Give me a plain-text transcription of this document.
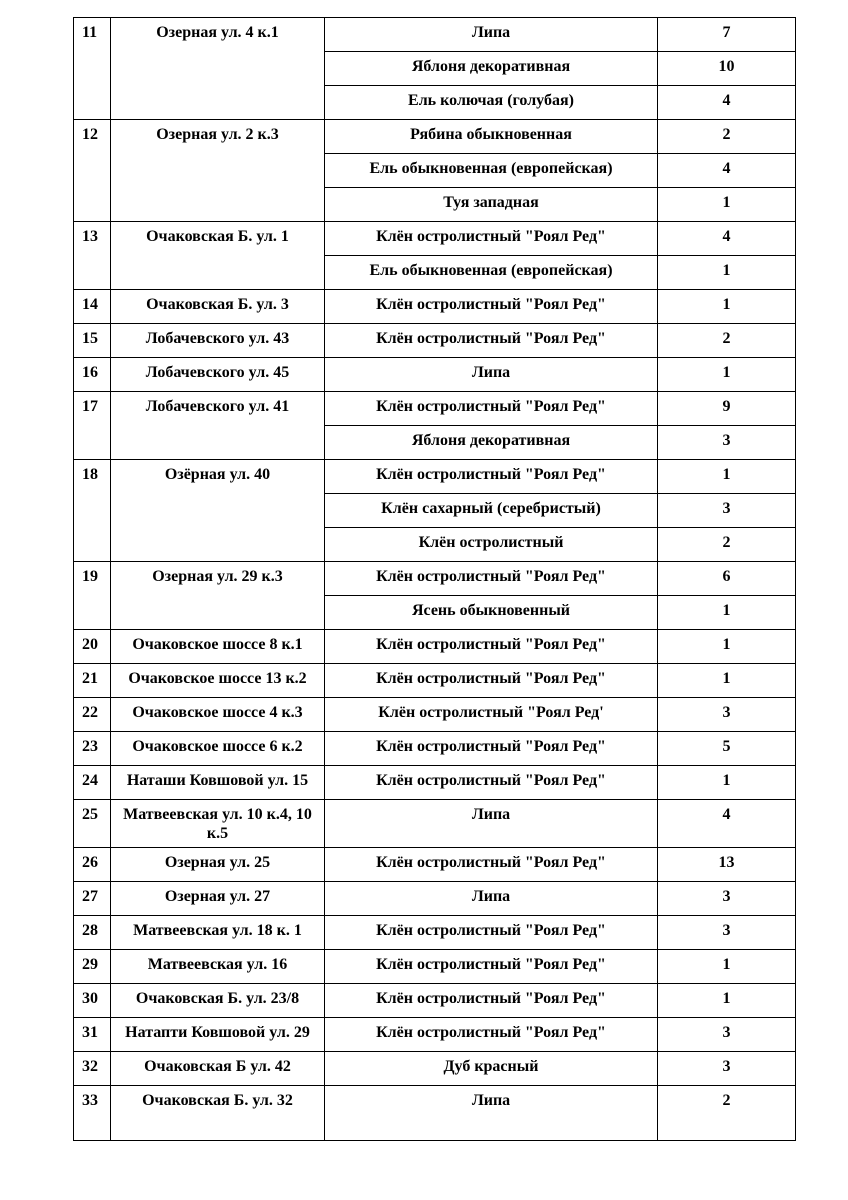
11	Озерная ул. 4 к.1	Липа	7
		Яблоня декоративная	10
		Ель колючая (голубая)	4
12	Озерная ул. 2 к.3	Рябина обыкновенная	2
		Ель обыкновенная (европейская)	4
		Туя западная	1
13	Очаковская Б. ул. 1	Клён остролистный "Роял Ред"	4
		Ель обыкновенная (европейская)	1
14	Очаковская Б. ул. 3	Клён остролистный "Роял Ред"	1
15	Лобачевского ул. 43	Клён остролистный "Роял Ред"	2
16	Лобачевского ул. 45	Липа	1
17	Лобачевского ул. 41	Клён остролистный "Роял Ред"	9
		Яблоня декоративная	3
18	Озёрная ул. 40	Клён остролистный "Роял Ред"	1
		Клён сахарный (серебристый)	3
		Клён остролистный	2
19	Озерная ул. 29 к.3	Клён остролистный "Роял Ред"	6
		Ясень обыкновенный	1
20	Очаковское шоссе 8 к.1	Клён остролистный "Роял Ред"	1
21	Очаковское шоссе 13 к.2	Клён остролистный "Роял Ред"	1
22	Очаковское шоссе 4 к.3	Клён остролистный "Роял Ред'	3
23	Очаковское шоссе 6 к.2	Клён остролистный "Роял Ред"	5
24	Наташи Ковшовой ул. 15	Клён остролистный "Роял Ред"	1
25	Матвеевская ул. 10 к.4, 10 к.5	Липа	4
26	Озерная ул. 25	Клён остролистный "Роял Ред"	13
27	Озерная ул. 27	Липа	3
28	Матвеевская ул. 18 к. 1	Клён остролистный "Роял Ред"	3
29	Матвеевская ул. 16	Клён остролистный "Роял Ред"	1
30	Очаковская Б. ул. 23/8	Клён остролистный "Роял Ред"	1
31	Натапти Ковшовой ул. 29	Клён остролистный "Роял Ред"	3
32	Очаковская Б ул. 42	Дуб красный	3
33	Очаковская Б. ул. 32	Липа	2
